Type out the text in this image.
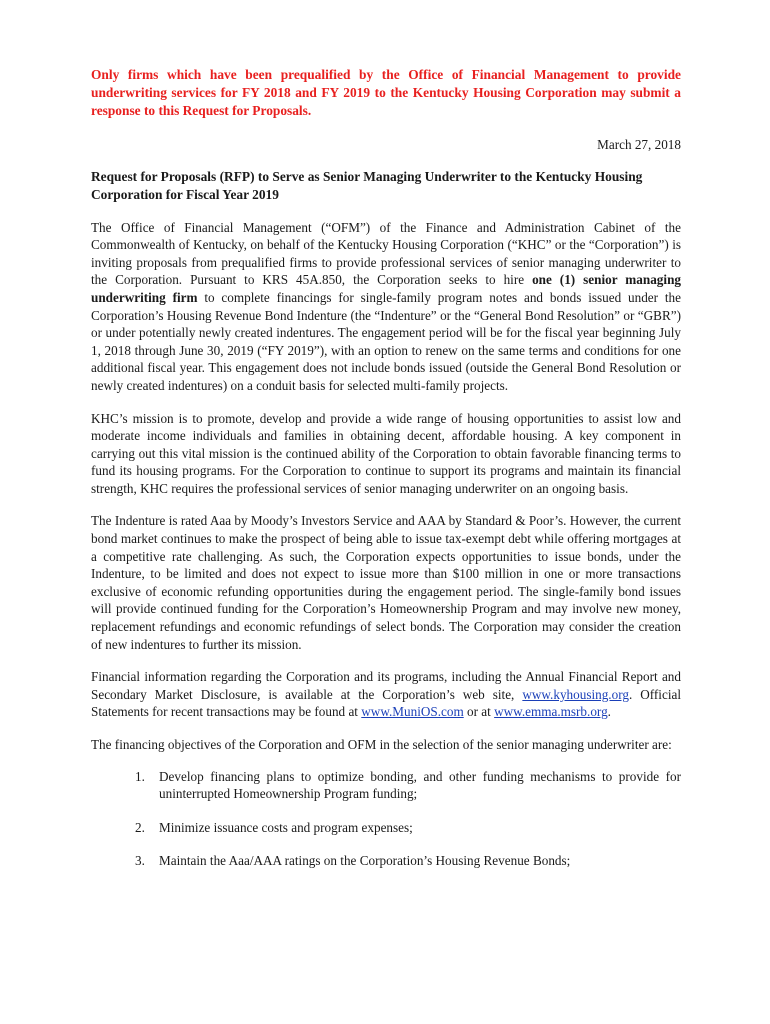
Only firms which have been prequalified by the Office of Financial Management to provide underwriting services for FY 2018 and FY 2019 to the Kentucky Housing Corporation may submit a response to this Request for Proposals.

March 27, 2018

Request for Proposals (RFP) to Serve as Senior Managing Underwriter to the Kentucky Housing Corporation for Fiscal Year 2019

The Office of Financial Management (“OFM”) of the Finance and Administration Cabinet of the Commonwealth of Kentucky, on behalf of the Kentucky Housing Corporation (“KHC” or the “Corporation”) is inviting proposals from prequalified firms to provide professional services of senior managing underwriter to the Corporation. Pursuant to KRS 45A.850, the Corporation seeks to hire one (1) senior managing underwriting firm to complete financings for single-family program notes and bonds issued under the Corporation’s Housing Revenue Bond Indenture (the “Indenture” or the “General Bond Resolution” or “GBR”) or under potentially newly created indentures. The engagement period will be for the fiscal year beginning July 1, 2018 through June 30, 2019 (“FY 2019”), with an option to renew on the same terms and conditions for one additional fiscal year. This engagement does not include bonds issued (outside the General Bond Resolution or newly created indentures) on a conduit basis for selected multi-family projects.

KHC’s mission is to promote, develop and provide a wide range of housing opportunities to assist low and moderate income individuals and families in obtaining decent, affordable housing. A key component in carrying out this vital mission is the continued ability of the Corporation to obtain favorable financing terms to fund its housing programs. For the Corporation to continue to support its programs and maintain its financial strength, KHC requires the professional services of senior managing underwriter on an ongoing basis.

The Indenture is rated Aaa by Moody’s Investors Service and AAA by Standard & Poor’s. However, the current bond market continues to make the prospect of being able to issue tax-exempt debt while offering mortgages at a competitive rate challenging. As such, the Corporation expects opportunities to issue bonds, under the Indenture, to be limited and does not expect to issue more than $100 million in one or more transactions exclusive of economic refunding opportunities during the engagement period. The single-family bond issues will provide continued funding for the Corporation’s Homeownership Program and may involve new money, replacement refundings and economic refundings of select bonds. The Corporation may consider the creation of new indentures to further its mission.

Financial information regarding the Corporation and its programs, including the Annual Financial Report and Secondary Market Disclosure, is available at the Corporation’s web site, www.kyhousing.org. Official Statements for recent transactions may be found at www.MuniOS.com or at www.emma.msrb.org.

The financing objectives of the Corporation and OFM in the selection of the senior managing underwriter are:

1. Develop financing plans to optimize bonding, and other funding mechanisms to provide for uninterrupted Homeownership Program funding;
2. Minimize issuance costs and program expenses;
3. Maintain the Aaa/AAA ratings on the Corporation’s Housing Revenue Bonds;
